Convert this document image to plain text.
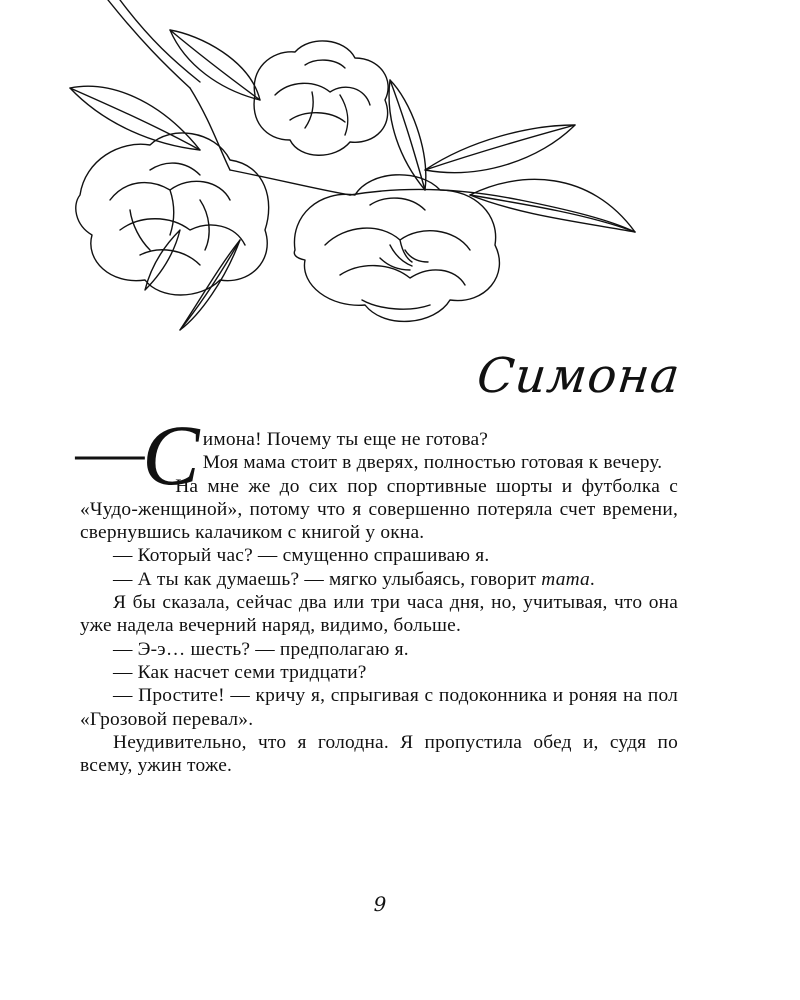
Симона

—
С имона! Почему ты еще не готова?
Моя мама стоит в дверях, полностью готовая к вечеру.

На мне же до сих пор спортивные шорты и футболка с «Чудо-женщиной», потому что я совершенно потеряла счет времени, свернувшись калачиком с книгой у окна.

— Который час? — смущенно спрашиваю я.

— А ты как думаешь? — мягко улыбаясь, говорит тата.

Я бы сказала, сейчас два или три часа дня, но, учитывая, что она уже надела вечерний наряд, видимо, больше.

— Э-э… шесть? — предполагаю я.

— Как насчет семи тридцати?

— Простите! — кричу я, спрыгивая с подоконника и роняя на пол «Грозовой перевал».

Неудивительно, что я голодна. Я пропустила обед и, судя по всему, ужин тоже.

9
